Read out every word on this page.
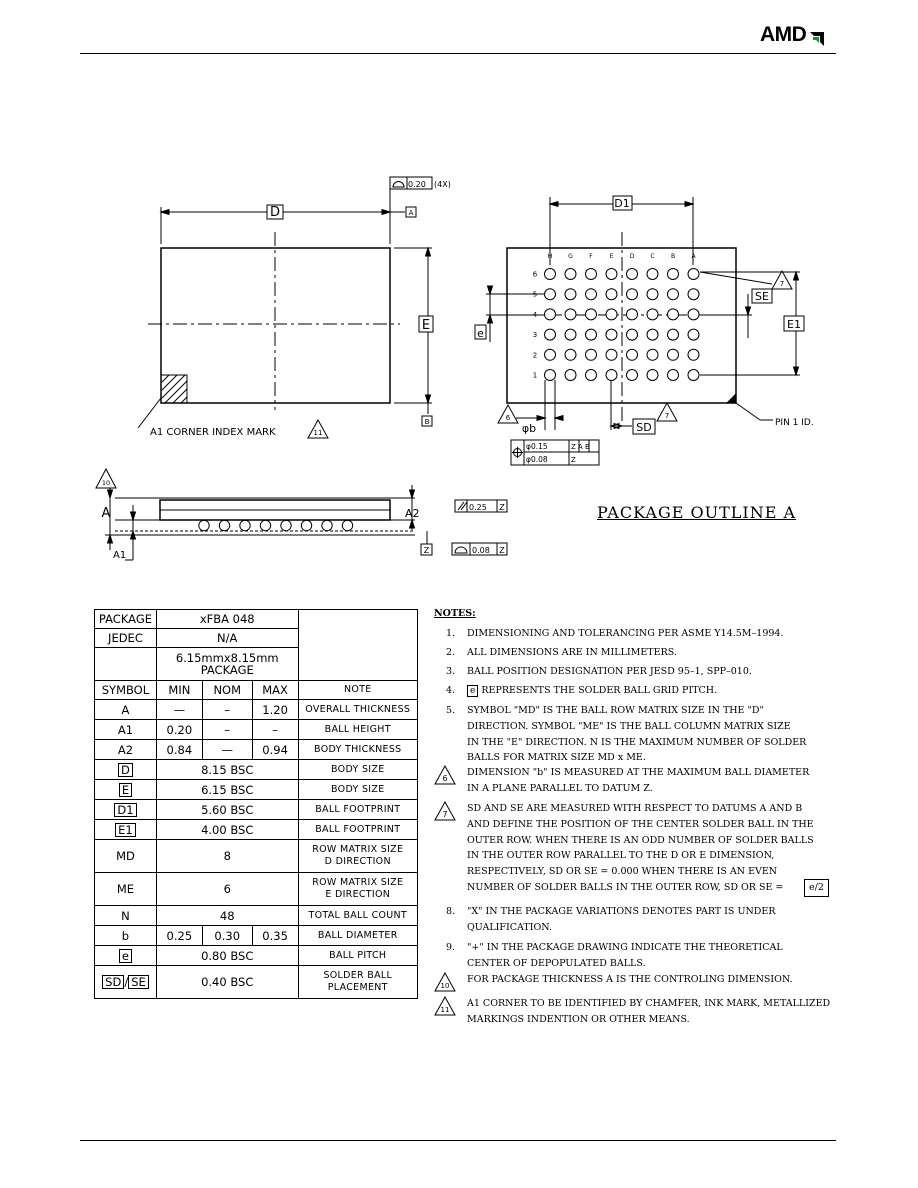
AMD
H	G	F	E	D	C	B	A
6
5
4
3
2
1
D
E
D1
E1
SE
SD
e
φb
A1 CORNER INDEX MARK
PIN 1 ID.
11
6	7
7
10
0.20 (4X)
A
B
A
A1
A2	0.25 Z
Z	0.08 Z
φ0.15	Z A B
φ0.08	Z
PACKAGE OUTLINE A
PACKAGE	xFBA 048			
JEDEC	N/A			
	6.15mmx8.15mm
PACKAGE			
SYMBOL	MIN	NOM	MAX	NOTE
A	—	–	1.20	OVERALL THICKNESS
A1	0.20	–	–	BALL HEIGHT
A2	0.84	—	0.94	BODY THICKNESS
D	8.15 BSC			BODY SIZE
E	6.15 BSC			BODY SIZE
D1	5.60 BSC			BALL FOOTPRINT
E1	4.00 BSC			BALL FOOTPRINT
MD	8			ROW MATRIX SIZE
D DIRECTION
ME	6			ROW MATRIX SIZE
E DIRECTION
N	48			TOTAL BALL COUNT
b	0.25	0.30	0.35	BALL DIAMETER
e	0.80 BSC			BALL PITCH
SD / SE	0.40 BSC			SOLDER BALL
PLACEMENT
NOTES:
1. DIMENSIONING AND TOLERANCING PER ASME Y14.5M–1994.
2. ALL DIMENSIONS ARE IN MILLIMETERS.
3. BALL POSITION DESIGNATION PER JESD 95–1, SPP–010.
4.	e REPRESENTS THE SOLDER BALL GRID PITCH.
5. SYMBOL "MD" IS THE BALL ROW MATRIX SIZE IN THE "D"
DIRECTION. SYMBOL "ME" IS THE BALL COLUMN MATRIX SIZE
IN THE "E" DIRECTION. N IS THE MAXIMUM NUMBER OF SOLDER
BALLS FOR MATRIX SIZE MD x ME.
6
DIMENSION "b" IS MEASURED AT THE MAXIMUM BALL DIAMETER
IN A PLANE PARALLEL TO DATUM Z.
7
SD AND SE ARE MEASURED WITH RESPECT TO DATUMS A AND B
AND DEFINE THE POSITION OF THE CENTER SOLDER BALL IN THE
OUTER ROW. WHEN THERE IS AN ODD NUMBER OF SOLDER BALLS
IN THE OUTER ROW PARALLEL TO THE D OR E DIMENSION,
RESPECTIVELY, SD OR SE = 0.000 WHEN THERE IS AN EVEN
NUMBER OF SOLDER BALLS IN THE OUTER ROW, SD OR SE =	e/2
8. "X" IN THE PACKAGE VARIATIONS DENOTES PART IS UNDER
QUALIFICATION.
9. "+" IN THE PACKAGE DRAWING INDICATE THE THEORETICAL
CENTER OF DEPOPULATED BALLS.
10
FOR PACKAGE THICKNESS A IS THE CONTROLING DIMENSION.
11
A1 CORNER TO BE IDENTIFIED BY CHAMFER, INK MARK, METALLIZED
MARKINGS INDENTION OR OTHER MEANS.
